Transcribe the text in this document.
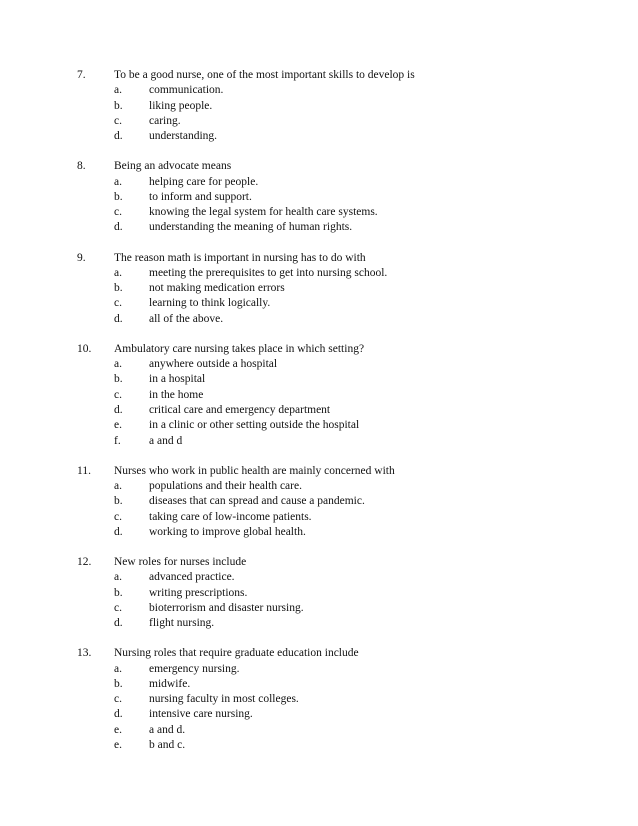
7.	To be a good nurse, one of the most important skills to develop is
a.	communication.
b.	liking people.
c.	caring.
d.	understanding.
8.	Being an advocate means
a.	helping care for people.
b.	to inform and support.
c.	knowing the legal system for health care systems.
d.	understanding the meaning of human rights.
9.	The reason math is important in nursing has to do with
a.	meeting the prerequisites to get into nursing school.
b.	not making medication errors
c.	learning to think logically.
d.	all of the above.
10.	Ambulatory care nursing takes place in which setting?
a.	anywhere outside a hospital
b.	in a hospital
c.	in the home
d.	critical care and emergency department
e.	in a clinic or other setting outside the hospital
f.	a and d
11.	Nurses who work in public health are mainly concerned with
a.	populations and their health care.
b.	diseases that can spread and cause a pandemic.
c.	taking care of low-income patients.
d.	working to improve global health.
12.	New roles for nurses include
a.	advanced practice.
b.	writing prescriptions.
c.	bioterrorism and disaster nursing.
d.	flight nursing.
13.	Nursing roles that require graduate education include
a.	emergency nursing.
b.	midwife.
c.	nursing faculty in most colleges.
d.	intensive care nursing.
e.	a and d.
e.	b and c.
